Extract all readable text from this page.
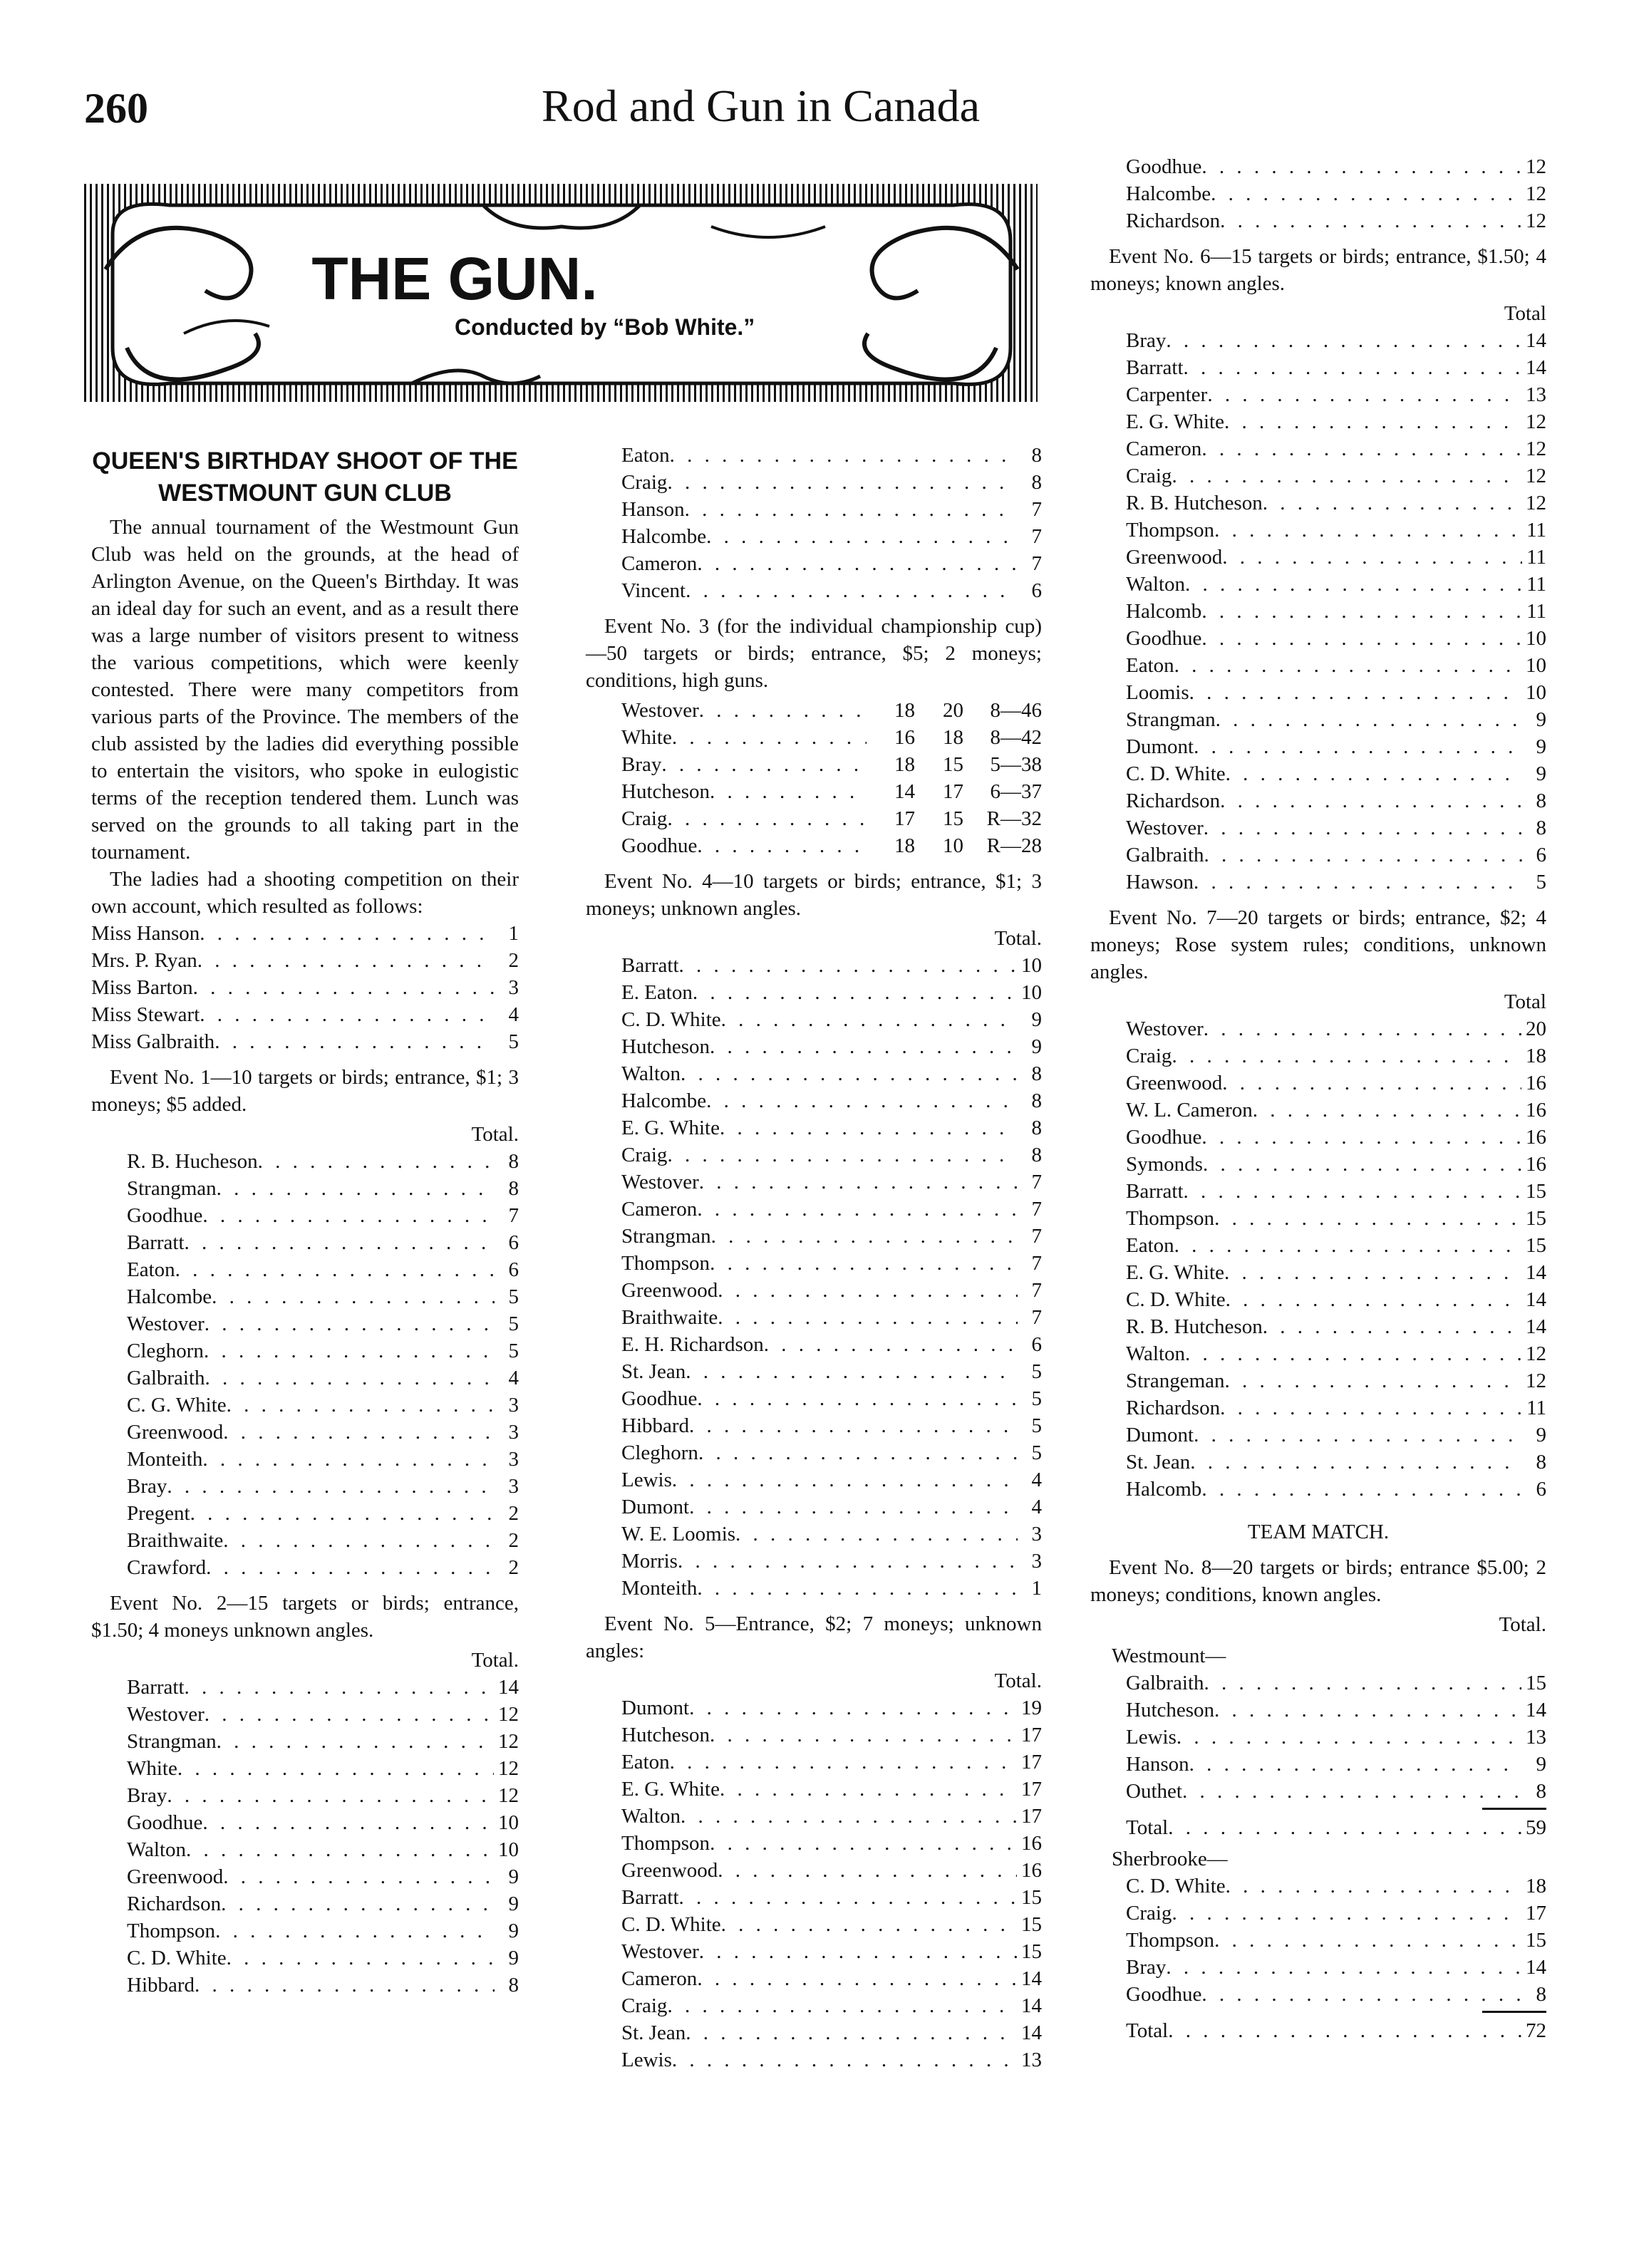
260	Rod and Gun in Canada
THE GUN.
Conducted by “Bob White.”
QUEEN'S BIRTHDAY SHOOT OF THE WESTMOUNT GUN CLUB

The annual tournament of the Westmount Gun Club was held on the grounds, at the head of Arlington Avenue, on the Queen's Birthday. It was an ideal day for such an event, and as a result there was a large number of visitors present to witness the various competitions, which were keenly contested. There were many competitors from various parts of the Province. The members of the club assisted by the ladies did everything possible to entertain the visitors, who spoke in eulogistic terms of the reception tendered them. Lunch was served on the grounds to all taking part in the tournament.

The ladies had a shooting competition on their own account, which resulted as follows:

Miss Hanson . . .	1
Mrs. P. Ryan . . .	2
Miss Barton . . .	3
Miss Stewart . . .	4
Miss Galbraith . . .	5

Event No. 1—10 targets or birds; entrance, $1; 3 moneys; $5 added.

Total.

R. B. Hucheson . . .	8
Strangman . . .	8
Goodhue . . .	7
Barratt . . .	6
Eaton . . .	6
Halcombe . . .	5
Westover . . .	5
Cleghorn . . .	5
Galbraith . . .	4
C. G. White . . .	3
Greenwood . . .	3
Monteith . . .	3
Bray . . .	3
Pregent . . .	2
Braithwaite . . .	2
Crawford . . .	2

Event No. 2—15 targets or birds; entrance, $1.50; 4 moneys unknown angles.

Total.

Barratt . . .	14
Westover . . .	12
Strangman . . .	12
White . . .	12
Bray . . .	12
Goodhue . . .	10
Walton . . .	10
Greenwood . . .	9
Richardson . . .	9
Thompson . . .	9
C. D. White . . .	9
Hibbard . . .	8
Eaton . . .	8
Craig . . .	8
Hanson . . .	7
Halcombe . . .	7
Cameron . . .	7
Vincent . . .	6

Event No. 3 (for the individual championship cup)—50 targets or birds; entrance, $5; 2 moneys; conditions, high guns.

Westover . . .	18	20	8—46
White . . .	16	18	8—42
Bray . . .	18	15	5—38
Hutcheson . . .	14	17	6—37
Craig . . .	17	15	R—32
Goodhue . . .	18	10	R—28

Event No. 4—10 targets or birds; entrance, $1; 3 moneys; unknown angles.

Total.

Barratt . . .	10
E. Eaton . . .	10
C. D. White . . .	9
Hutcheson . . .	9
Walton . . .	8
Halcombe . . .	8
E. G. White . . .	8
Craig . . .	8
Westover . . .	7
Cameron . . .	7
Strangman . . .	7
Thompson . . .	7
Greenwood . . .	7
Braithwaite . . .	7
E. H. Richardson . . .	6
St. Jean . . .	5
Goodhue . . .	5
Hibbard . . .	5
Cleghorn . . .	5
Lewis . . .	4
Dumont . . .	4
W. E. Loomis . . .	3
Morris . . .	3
Monteith . . .	1

Event No. 5—Entrance, $2; 7 moneys; unknown angles:

Total.

Dumont . . .	19
Hutcheson . . .	17
Eaton . . .	17
E. G. White . . .	17
Walton . . .	17
Thompson . . .	16
Greenwood . . .	16
Barratt . . .	15
C. D. White . . .	15
Westover . . .	15
Cameron . . .	14
Craig . . .	14
St. Jean . . .	14
Lewis . . .	13
Goodhue . . .	12
Halcombe . . .	12
Richardson . . .	12

Event No. 6—15 targets or birds; entrance, $1.50; 4 moneys; known angles.

Total

Bray . . .	14
Barratt . . .	14
Carpenter . . .	13
E. G. White . . .	12
Cameron . . .	12
Craig . . .	12
R. B. Hutcheson . . .	12
Thompson . . .	11
Greenwood . . .	11
Walton . . .	11
Halcomb . . .	11
Goodhue . . .	10
Eaton . . .	10
Loomis . . .	10
Strangman . . .	9
Dumont . . .	9
C. D. White . . .	9
Richardson . . .	8
Westover . . .	8
Galbraith . . .	6
Hawson . . .	5

Event No. 7—20 targets or birds; entrance, $2; 4 moneys; Rose system rules; conditions, unknown angles.

Total

Westover . . .	20
Craig . . .	18
Greenwood . . .	16
W. L. Cameron . . .	16
Goodhue . . .	16
Symonds . . .	16
Barratt . . .	15
Thompson . . .	15
Eaton . . .	15
E. G. White . . .	14
C. D. White . . .	14
R. B. Hutcheson . . .	14
Walton . . .	12
Strangeman . . .	12
Richardson . . .	11
Dumont . . .	9
St. Jean . . .	8
Halcomb . . .	6
TEAM MATCH.

Event No. 8—20 targets or birds; entrance $5.00; 2 moneys; conditions, known angles.

Total.

Westmount—
Galbraith . . .	15
Hutcheson . . .	14
Lewis . . .	13
Hanson . . .	9
Outhet . . .	8
Total . . .	59
Sherbrooke—
C. D. White . . .	18
Craig . . .	17
Thompson . . .	15
Bray . . .	14
Goodhue . . .	8
Total . . .	72
